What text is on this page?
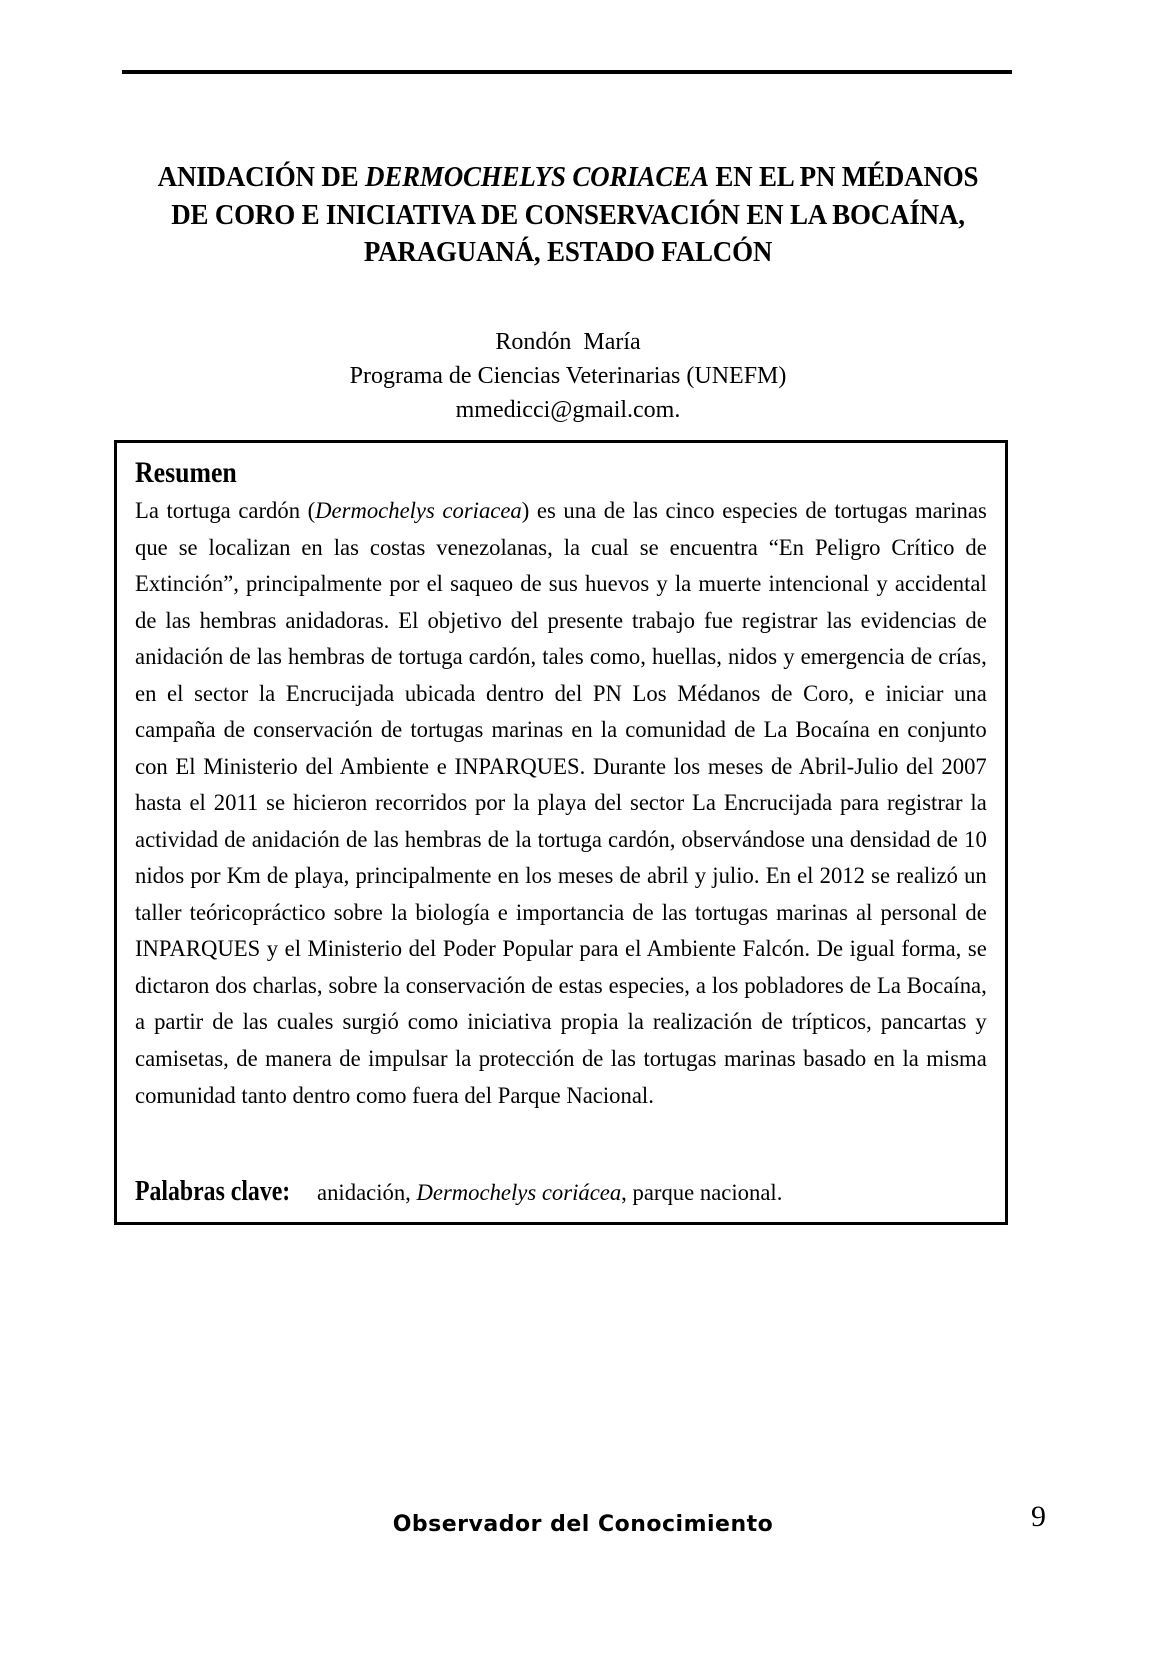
ANIDACIÓN DE DERMOCHELYS CORIACEA EN EL PN MÉDANOS DE CORO E INICIATIVA DE CONSERVACIÓN EN LA BOCAÍNA, PARAGUANÁ, ESTADO FALCÓN
Rondón  María
Programa de Ciencias Veterinarias (UNEFM)
mmedicci@gmail.com.
Resumen

La tortuga cardón (Dermochelys coriacea) es una de las cinco especies de tortugas marinas que se localizan en las costas venezolanas, la cual se encuentra “En Peligro Crítico de Extinción”, principalmente por el saqueo de sus huevos y la muerte intencional y accidental de las hembras anidadoras. El objetivo del presente trabajo fue registrar las evidencias de anidación de las hembras de tortuga cardón, tales como, huellas, nidos y emergencia de crías, en el sector la Encrucijada ubicada dentro del PN Los Médanos de Coro, e iniciar una campaña de conservación de tortugas marinas en la comunidad de La Bocaína en conjunto con El Ministerio del Ambiente e INPARQUES. Durante los meses de Abril-Julio del 2007 hasta el 2011 se hicieron recorridos por la playa del sector La Encrucijada para registrar la actividad de anidación de las hembras de la tortuga cardón, observándose una densidad de 10 nidos por Km de playa, principalmente en los meses de abril y julio. En el 2012 se realizó un taller teóricopráctico sobre la biología e importancia de las tortugas marinas al personal de INPARQUES y el Ministerio del Poder Popular para el Ambiente Falcón. De igual forma, se dictaron dos charlas, sobre la conservación de estas especies, a los pobladores de La Bocaína, a partir de las cuales surgió como iniciativa propia la realización de trípticos, pancartas y camisetas, de manera de impulsar la protección de las tortugas marinas basado en la misma comunidad tanto dentro como fuera del Parque Nacional.

Palabras clave: anidación, Dermochelys coriácea, parque nacional.
Observador del Conocimiento	9
